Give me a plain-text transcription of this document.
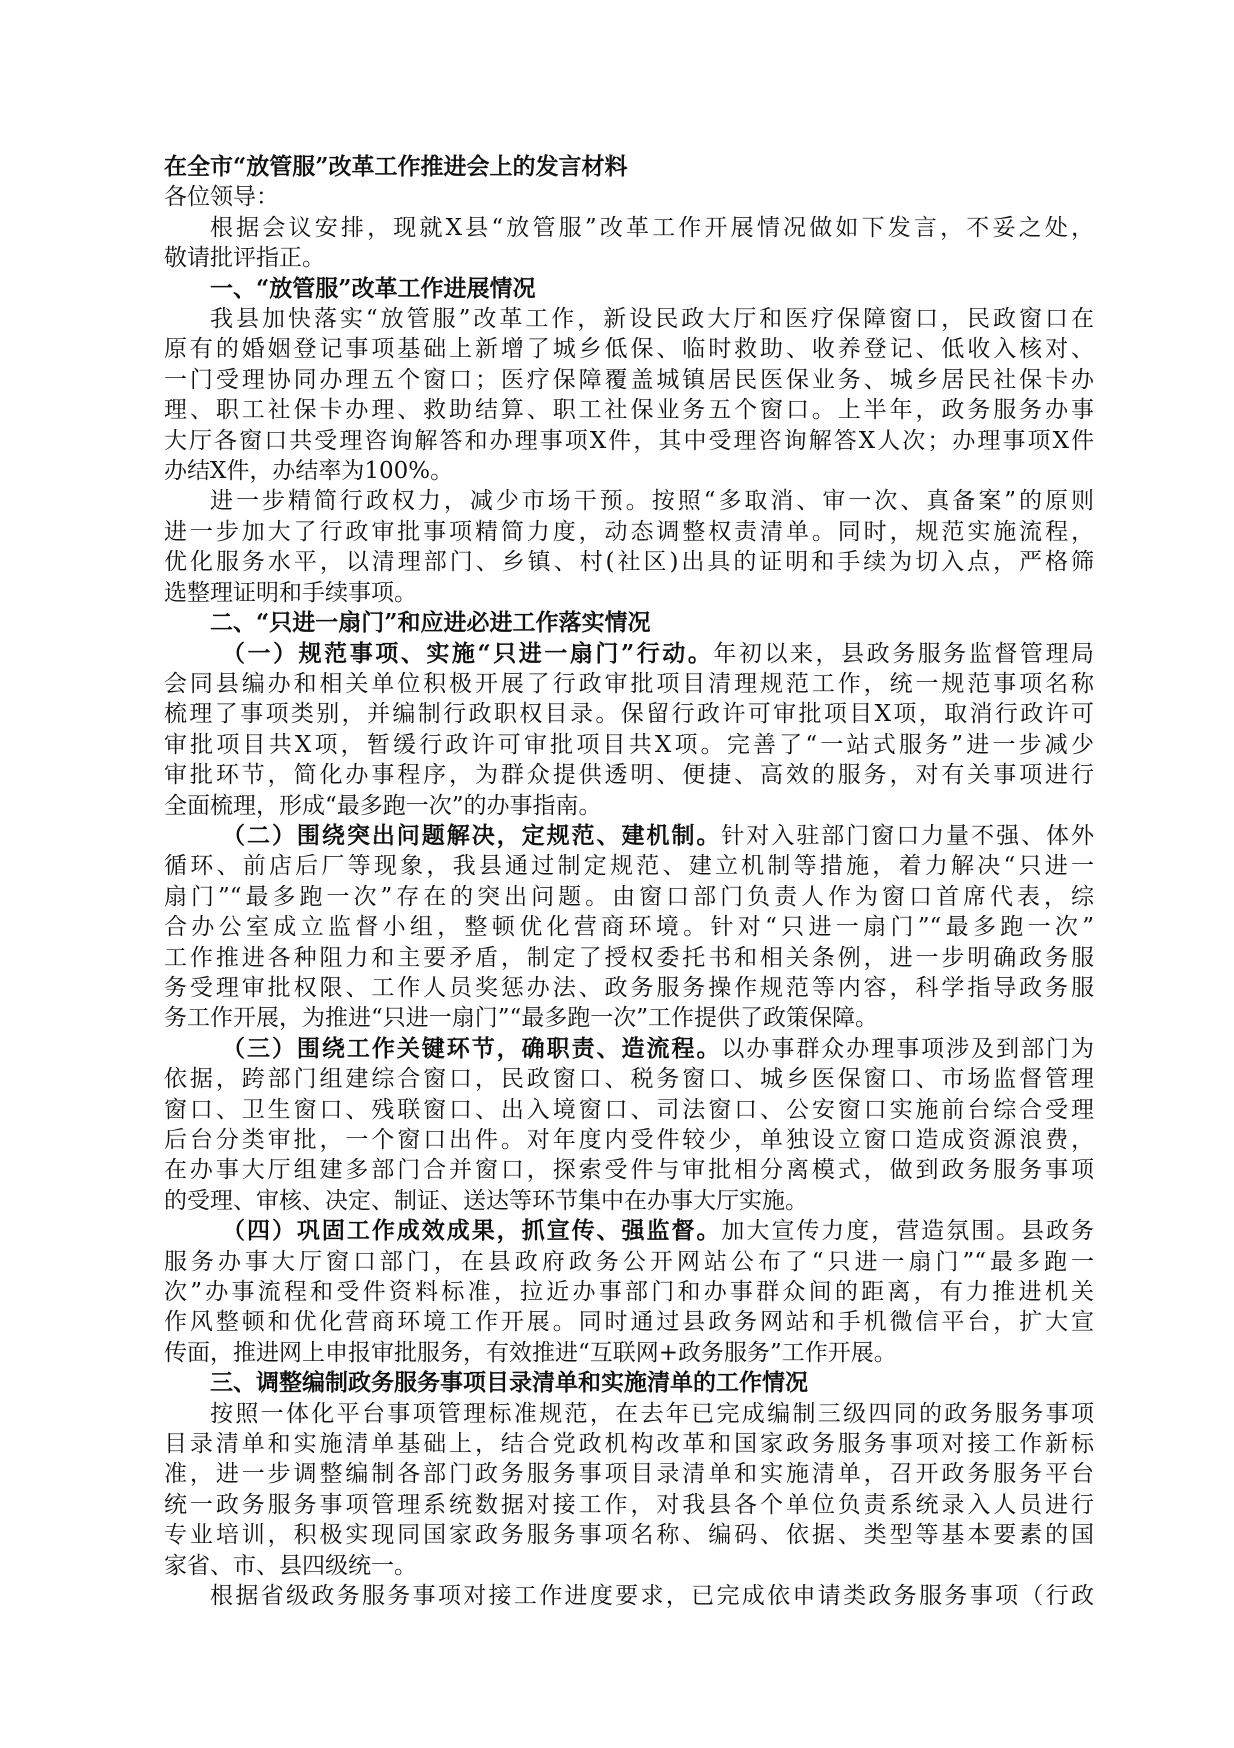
在全市“放管服”改革工作推进会上的发言材料

各位领导：

根据会议安排，现就X县“放管服”改革工作开展情况做如下发言，不妥之处，

敬请批评指正。

一、“放管服”改革工作进展情况

我县加快落实“放管服”改革工作，新设民政大厅和医疗保障窗口，民政窗口在

原有的婚姻登记事项基础上新增了城乡低保、临时救助、收养登记、低收入核对、

一门受理协同办理五个窗口；医疗保障覆盖城镇居民医保业务、城乡居民社保卡办

理、职工社保卡办理、救助结算、职工社保业务五个窗口。上半年，政务服务办事

大厅各窗口共受理咨询解答和办理事项X件，其中受理咨询解答X人次；办理事项X件

办结X件，办结率为100%。

进一步精简行政权力，减少市场干预。按照“多取消、审一次、真备案”的原则

进一步加大了行政审批事项精简力度，动态调整权责清单。同时，规范实施流程，

优化服务水平，以清理部门、乡镇、村(社区)出具的证明和手续为切入点，严格筛

选整理证明和手续事项。

二、“只进一扇门”和应进必进工作落实情况

（一）规范事项、实施“只进一扇门”行动。年初以来，县政务服务监督管理局

会同县编办和相关单位积极开展了行政审批项目清理规范工作，统一规范事项名称

梳理了事项类别，并编制行政职权目录。保留行政许可审批项目X项，取消行政许可

审批项目共X项，暂缓行政许可审批项目共X项。完善了“一站式服务”进一步减少

审批环节，简化办事程序，为群众提供透明、便捷、高效的服务，对有关事项进行

全面梳理，形成“最多跑一次”的办事指南。

（二）围绕突出问题解决，定规范、建机制。针对入驻部门窗口力量不强、体外

循环、前店后厂等现象，我县通过制定规范、建立机制等措施，着力解决“只进一

扇门”“最多跑一次”存在的突出问题。由窗口部门负责人作为窗口首席代表，综

合办公室成立监督小组，整顿优化营商环境。针对“只进一扇门”“最多跑一次”

工作推进各种阻力和主要矛盾，制定了授权委托书和相关条例，进一步明确政务服

务受理审批权限、工作人员奖惩办法、政务服务操作规范等内容，科学指导政务服

务工作开展，为推进“只进一扇门”“最多跑一次”工作提供了政策保障。

（三）围绕工作关键环节，确职责、造流程。以办事群众办理事项涉及到部门为

依据，跨部门组建综合窗口，民政窗口、税务窗口、城乡医保窗口、市场监督管理

窗口、卫生窗口、残联窗口、出入境窗口、司法窗口、公安窗口实施前台综合受理

后台分类审批，一个窗口出件。对年度内受件较少，单独设立窗口造成资源浪费，

在办事大厅组建多部门合并窗口，探索受件与审批相分离模式，做到政务服务事项

的受理、审核、决定、制证、送达等环节集中在办事大厅实施。

（四）巩固工作成效成果，抓宣传、强监督。加大宣传力度，营造氛围。县政务

服务办事大厅窗口部门，在县政府政务公开网站公布了“只进一扇门”“最多跑一

次”办事流程和受件资料标准，拉近办事部门和办事群众间的距离，有力推进机关

作风整顿和优化营商环境工作开展。同时通过县政务网站和手机微信平台，扩大宣

传面，推进网上申报审批服务，有效推进“互联网+政务服务”工作开展。

三、调整编制政务服务事项目录清单和实施清单的工作情况

按照一体化平台事项管理标准规范，在去年已完成编制三级四同的政务服务事项

目录清单和实施清单基础上，结合党政机构改革和国家政务服务事项对接工作新标

准，进一步调整编制各部门政务服务事项目录清单和实施清单，召开政务服务平台

统一政务服务事项管理系统数据对接工作，对我县各个单位负责系统录入人员进行

专业培训，积极实现同国家政务服务事项名称、编码、依据、类型等基本要素的国

家省、市、县四级统一。

根据省级政务服务事项对接工作进度要求，已完成依申请类政务服务事项（行政
